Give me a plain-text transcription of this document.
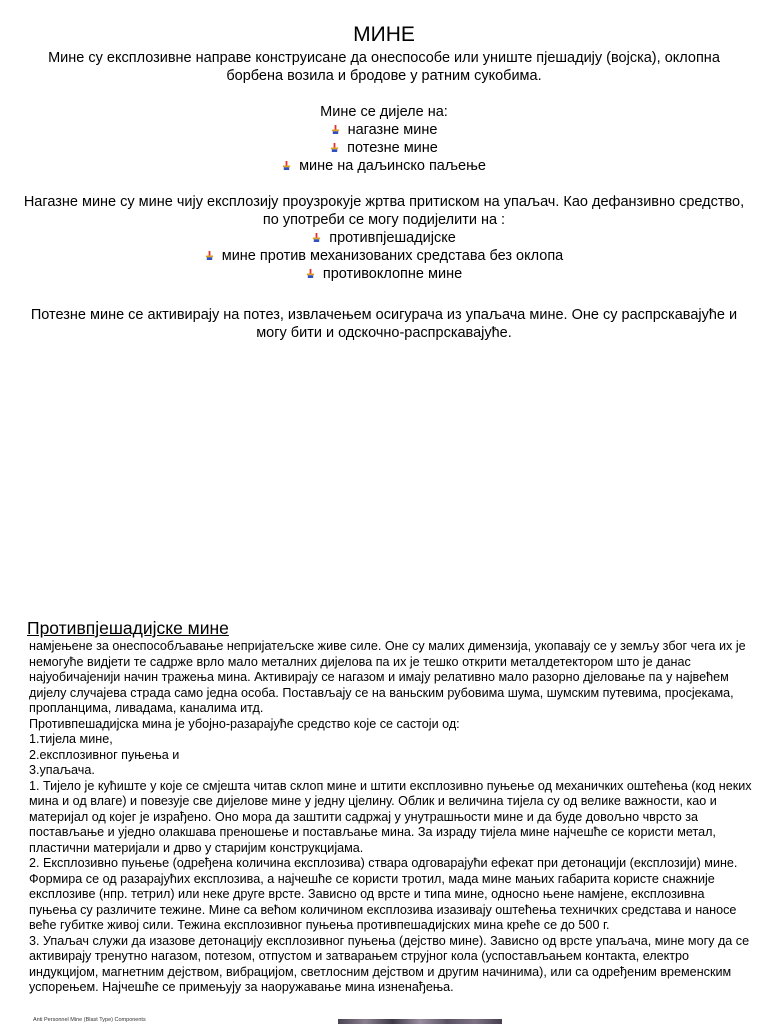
МИНЕ

Мине су експлозивне направе конструисане да онеспособе или униште пјешадију (војска), оклопна борбена возила и бродове у ратним сукобима.

Мине се дијеле на:

нагазне мине
потезне мине
мине на даљинско паљење

Нагазне мине су мине чију експлозију проузрокује жртва притиском на упаљач. Као дефанзивно средство, по употреби се могу подијелити на :

противпјешадијске
мине против механизованих средстава без оклопа
противоклопне мине

Потезне мине се активирају на потез, извлачењем осигурача из упаљача мине. Оне су распрскавајуће и могу бити и одскочно-распрскавајуће.

Противпјешадијске мине
намјењене за онеспособљавање непријатељске живе силе. Оне су малих димензија, укопавају се у земљу због чега их је немогуће видјети те садрже врло мало металних дијелова па их је тешко открити металдетектором што је данас најуобичајенији начин тражења мина. Активирају се нагазом и имају релативно мало разорно дјеловање па у највећем дијелу случајева страда само једна особа. Постављају се на ваньским рубовима шума, шумским путевима, просјекама, пропланцима, ливадама, каналима итд.
Противпешадијска мина је убојно-разарајуће средство које се састоји од:
1.тијела мине,
2.експлозивног пуњења и
3.упаљача.
1. Тијело је кућиште у које се смјешта читав склоп мине и штити експлозивно пуњење од механичких оштећења (код неких мина и од влаге) и повезује све дијелове мине у једну цјелину. Облик и величина тијела су од велике важности, као и материјал од којег је израђено. Оно мора да заштити садржај у унутрашњости мине и да буде довољно чврсто за постављање и уједно олакшава преношење и постављање мина. За израду тијела мине најчешће се користи метал, пластични материјали и дрво у старијим конструкцијама.
2. Експлозивно пуњење (одређена количина експлозива) ствара одговарајући ефекат при детонацији (експлозији) мине. Формира се од разарајућих експлозива, а најчешће се користи тротил, мада мине мањих габарита користе снажније експлозиве (нпр. тетрил) или неке друге врсте. Зависно од врсте и типа мине, односно њене намјене, експлозивна пуњења су различите тежине. Мине са већом количином експлозива изазивају оштећења техничких средстава и наносе веће губитке живој сили. Тежина експлозивног пуњења противпешадијских мина креће се до 500 г.
3. Упаљач служи да изазове детонацију експлозивног пуњења (дејство мине). Зависно од врсте упаљача, мине могу да се активирају тренутно нагазом, потезом, отпустом и затварањем струјног кола (успостављањем контакта, електро индукцијом, магнетним дејством, вибрацијом, светлосним дејством и другим начинима), или са одређеним временским успорењем. Најчешће се примењују за наоружавање мина изненађења.
Anti Personnel Mine (Blast Type) Components
